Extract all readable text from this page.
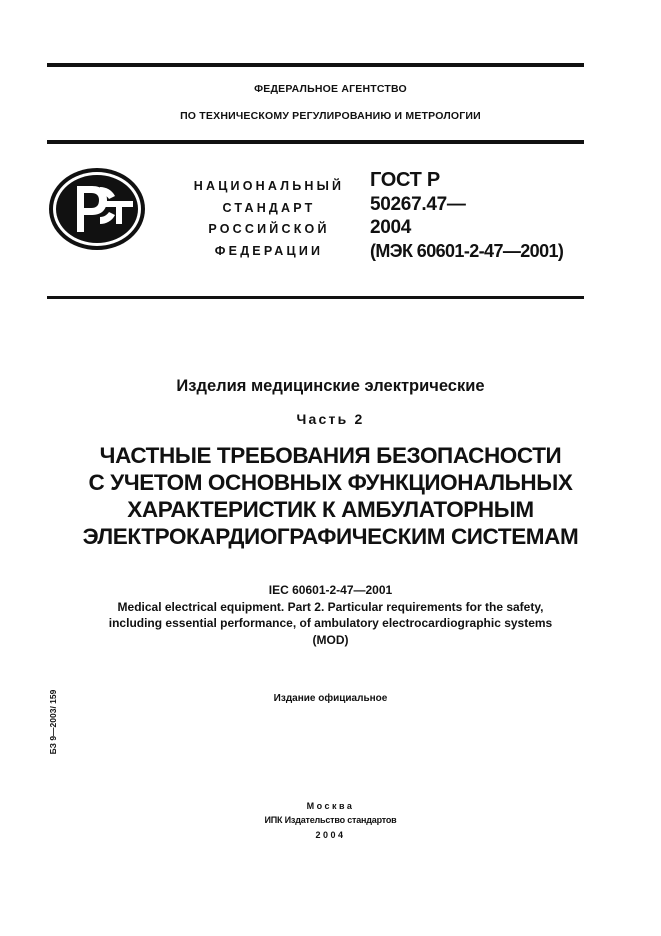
ФЕДЕРАЛЬНОЕ АГЕНТСТВО
ПО ТЕХНИЧЕСКОМУ РЕГУЛИРОВАНИЮ И МЕТРОЛОГИИ
НАЦИОНАЛЬНЫЙ
СТАНДАРТ
РОССИЙСКОЙ
ФЕДЕРАЦИИ
ГОСТ Р
50267.47—
2004
(МЭК 60601-2-47—2001)
Изделия медицинские электрические
Часть 2
ЧАСТНЫЕ ТРЕБОВАНИЯ БЕЗОПАСНОСТИ
С УЧЕТОМ ОСНОВНЫХ ФУНКЦИОНАЛЬНЫХ
ХАРАКТЕРИСТИК К АМБУЛАТОРНЫМ
ЭЛЕКТРОКАРДИОГРАФИЧЕСКИМ СИСТЕМАМ
IEC 60601-2-47—2001
Medical electrical equipment. Part 2. Particular requirements for the safety,
including essential performance, of ambulatory electrocardiographic systems
(MOD)
Издание официальное
БЗ 9—2003/ 159
Москва
ИПК Издательство стандартов
2004
